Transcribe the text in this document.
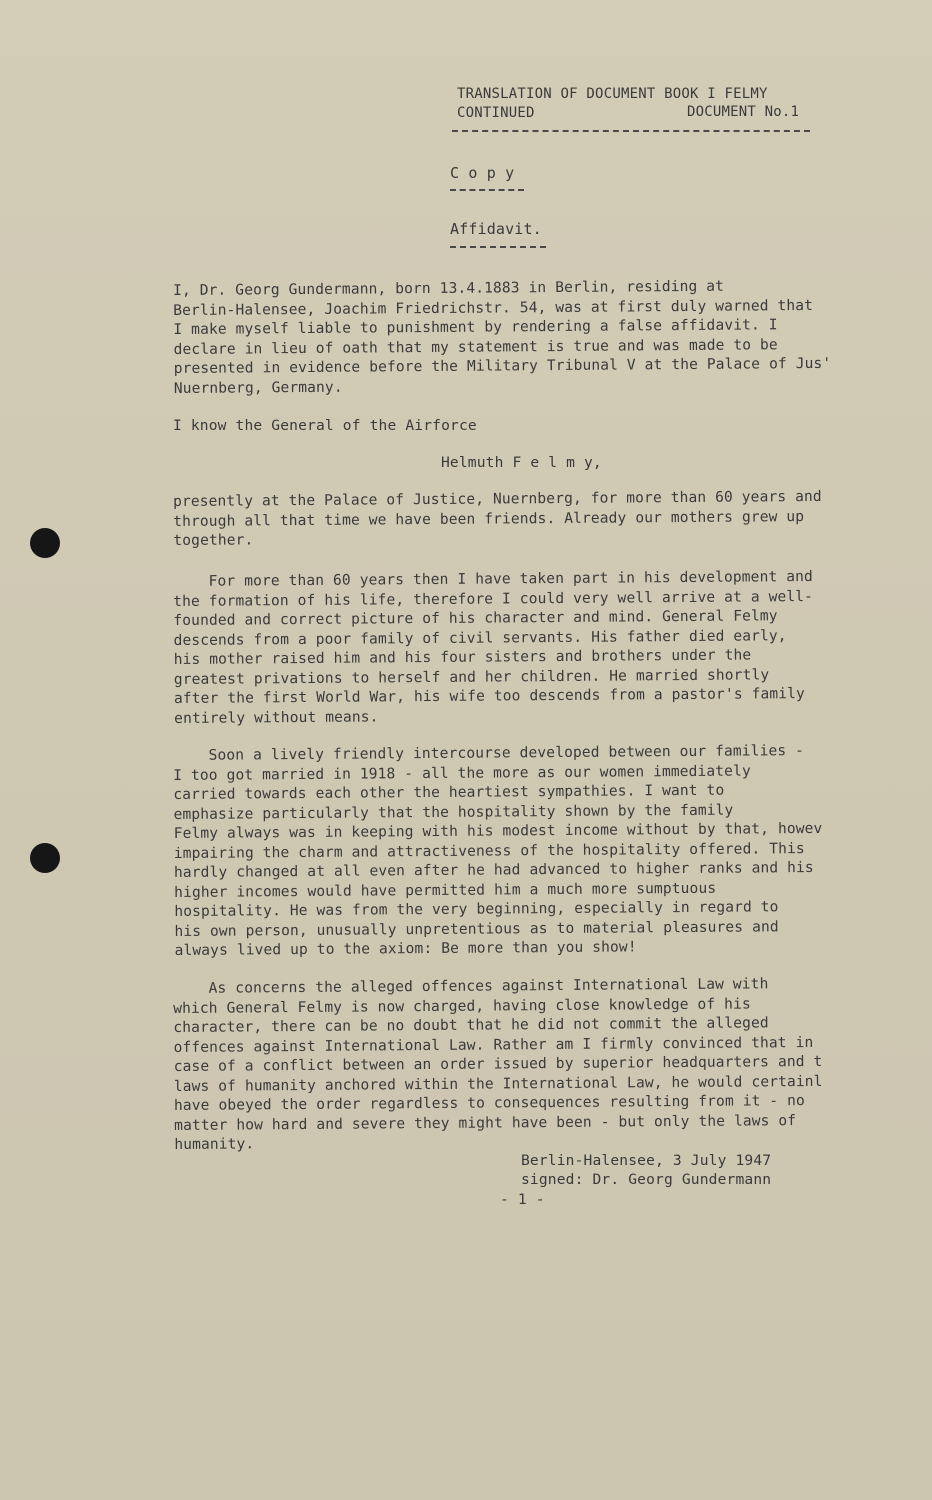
TRANSLATION OF DOCUMENT BOOK I FELMY
CONTINUED	DOCUMENT No.1
C o p y
Affidavit.
I, Dr. Georg Gundermann, born 13.4.1883 in Berlin, residing at
Berlin-Halensee, Joachim Friedrichstr. 54, was at first duly warned that
I make myself liable to punishment by rendering a false affidavit. I
declare in lieu of oath that my statement is true and was made to be
presented in evidence before the Military Tribunal V at the Palace of Jus'
Nuernberg, Germany.
I know the General of the Airforce
Helmuth F e l m y,
presently at the Palace of Justice, Nuernberg, for more than 60 years and
through all that time we have been friends. Already our mothers grew up
together.
For more than 60 years then I have taken part in his development and
the formation of his life, therefore I could very well arrive at a well-
founded and correct picture of his character and mind. General Felmy
descends from a poor family of civil servants. His father died early,
his mother raised him and his four sisters and brothers under the
greatest privations to herself and her children. He married shortly
after the first World War, his wife too descends from a pastor's family
entirely without means.
Soon a lively friendly intercourse developed between our families -
I too got married in 1918 - all the more as our women immediately
carried towards each other the heartiest sympathies. I want to
emphasize particularly that the hospitality shown by the family
Felmy always was in keeping with his modest income without by that, howev
impairing the charm and attractiveness of the hospitality offered. This
hardly changed at all even after he had advanced to higher ranks and his
higher incomes would have permitted him a much more sumptuous
hospitality. He was from the very beginning, especially in regard to
his own person, unusually unpretentious as to material pleasures and
always lived up to the axiom: Be more than you show!
As concerns the alleged offences against International Law with
which General Felmy is now charged, having close knowledge of his
character, there can be no doubt that he did not commit the alleged
offences against International Law. Rather am I firmly convinced that in
case of a conflict between an order issued by superior headquarters and t
laws of humanity anchored within the International Law, he would certainl
have obeyed the order regardless to consequences resulting from it - no
matter how hard and severe they might have been - but only the laws of
humanity.
Berlin-Halensee, 3 July 1947
signed: Dr. Georg Gundermann
- 1 -
